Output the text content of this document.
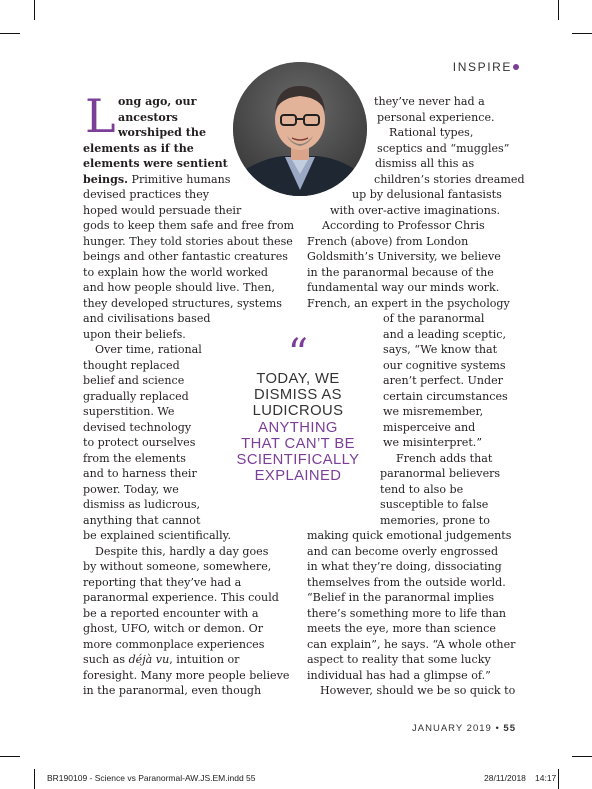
INSPIRE
L ong ago, our
ancestors
worshiped the
elements as if the
elements were sentient
beings. Primitive humans
devised practices they
hoped would persuade their
gods to keep them safe and free from
hunger. They told stories about these
beings and other fantastic creatures
to explain how the world worked
and how people should live. Then,
they developed structures, systems
and civilisations based
upon their beliefs.
Over time, rational
thought replaced
belief and science
gradually replaced
superstition. We
devised technology
to protect ourselves
from the elements
and to harness their
power. Today, we
dismiss as ludicrous,
anything that cannot
be explained scientifically.
Despite this, hardly a day goes
by without someone, somewhere,
reporting that they’ve had a
paranormal experience. This could
be a reported encounter with a
ghost, UFO, witch or demon. Or
more commonplace experiences
such as déjà vu, intuition or
foresight. Many more people believe
in the paranormal, even though
they’ve never had a
personal experience.
Rational types,
sceptics and “muggles”
dismiss all this as
children’s stories dreamed
up by delusional fantasists
with over-active imaginations.
According to Professor Chris
French (above) from London
Goldsmith’s University, we believe
in the paranormal because of the
fundamental way our minds work.
French, an expert in the psychology
of the paranormal
and a leading sceptic,
says, “We know that
our cognitive systems
aren’t perfect. Under
certain circumstances
we misremember,
misperceive and
we misinterpret.”
French adds that
paranormal believers
tend to also be
susceptible to false
memories, prone to
making quick emotional judgements
and can become overly engrossed
in what they’re doing, dissociating
themselves from the outside world.
“Belief in the paranormal implies
there’s something more to life than
meets the eye, more than science
can explain”, he says. “A whole other
aspect to reality that some lucky
individual has had a glimpse of.”
However, should we be so quick to
“
TODAY, WE
DISMISS AS
LUDICROUS
ANYTHING
THAT CAN’T BE
SCIENTIFICALLY
EXPLAINED
JANUARY 2019 • 55
BR190109 - Science vs Paranormal-AW.JS.EM.indd 55	28/11/2018 14:17
